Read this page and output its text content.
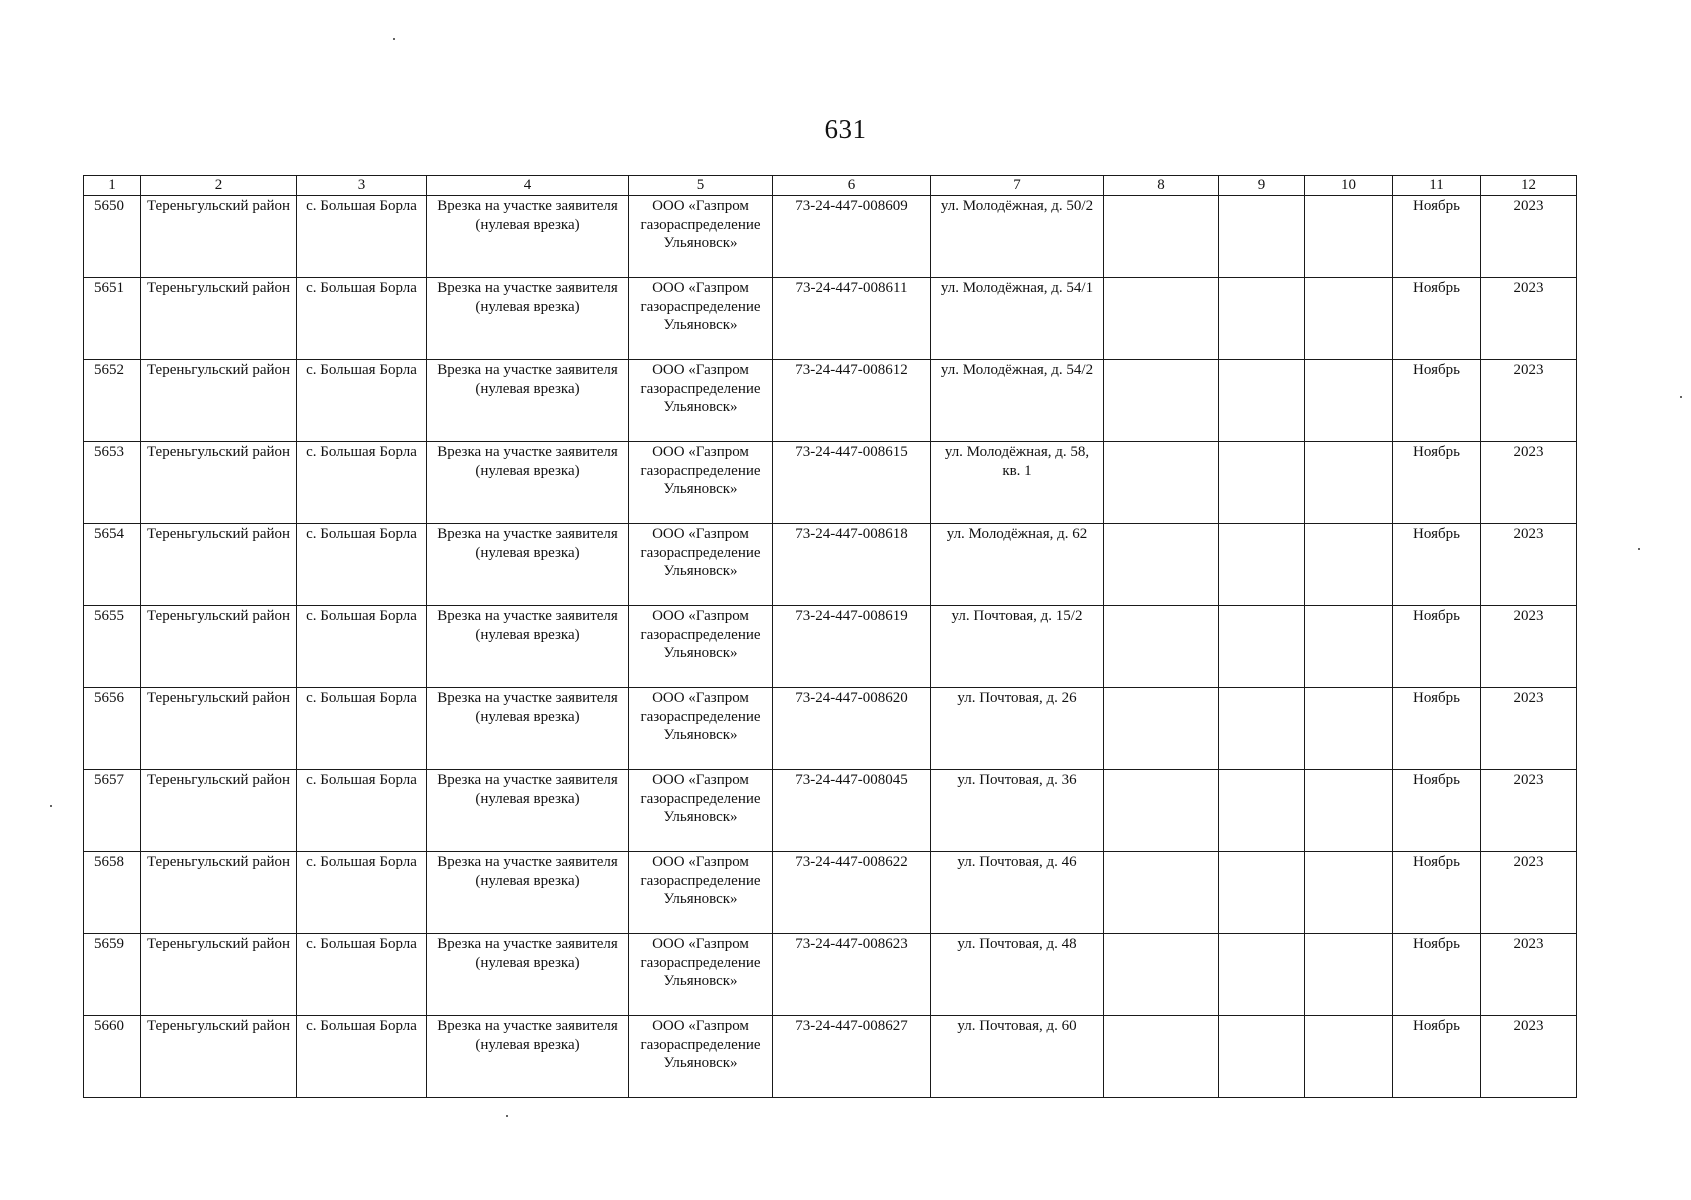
631
1	2	3	4	5	6	7	8	9	10	11	12
5650	Тереньгульский район	с. Большая Борла	Врезка на участке заявителя (нулевая врезка)	ООО «Газпром газораспределение Ульяновск»	73-24-447-008609	ул. Молодёжная, д. 50/2				Ноябрь	2023
5651	Тереньгульский район	с. Большая Борла	Врезка на участке заявителя (нулевая врезка)	ООО «Газпром газораспределение Ульяновск»	73-24-447-008611	ул. Молодёжная, д. 54/1				Ноябрь	2023
5652	Тереньгульский район	с. Большая Борла	Врезка на участке заявителя (нулевая врезка)	ООО «Газпром газораспределение Ульяновск»	73-24-447-008612	ул. Молодёжная, д. 54/2				Ноябрь	2023
5653	Тереньгульский район	с. Большая Борла	Врезка на участке заявителя (нулевая врезка)	ООО «Газпром газораспределение Ульяновск»	73-24-447-008615	ул. Молодёжная, д. 58, кв. 1				Ноябрь	2023
5654	Тереньгульский район	с. Большая Борла	Врезка на участке заявителя (нулевая врезка)	ООО «Газпром газораспределение Ульяновск»	73-24-447-008618	ул. Молодёжная, д. 62				Ноябрь	2023
5655	Тереньгульский район	с. Большая Борла	Врезка на участке заявителя (нулевая врезка)	ООО «Газпром газораспределение Ульяновск»	73-24-447-008619	ул. Почтовая, д. 15/2				Ноябрь	2023
5656	Тереньгульский район	с. Большая Борла	Врезка на участке заявителя (нулевая врезка)	ООО «Газпром газораспределение Ульяновск»	73-24-447-008620	ул. Почтовая, д. 26				Ноябрь	2023
5657	Тереньгульский район	с. Большая Борла	Врезка на участке заявителя (нулевая врезка)	ООО «Газпром газораспределение Ульяновск»	73-24-447-008045	ул. Почтовая, д. 36				Ноябрь	2023
5658	Тереньгульский район	с. Большая Борла	Врезка на участке заявителя (нулевая врезка)	ООО «Газпром газораспределение Ульяновск»	73-24-447-008622	ул. Почтовая, д. 46				Ноябрь	2023
5659	Тереньгульский район	с. Большая Борла	Врезка на участке заявителя (нулевая врезка)	ООО «Газпром газораспределение Ульяновск»	73-24-447-008623	ул. Почтовая, д. 48				Ноябрь	2023
5660	Тереньгульский район	с. Большая Борла	Врезка на участке заявителя (нулевая врезка)	ООО «Газпром газораспределение Ульяновск»	73-24-447-008627	ул. Почтовая, д. 60				Ноябрь	2023
